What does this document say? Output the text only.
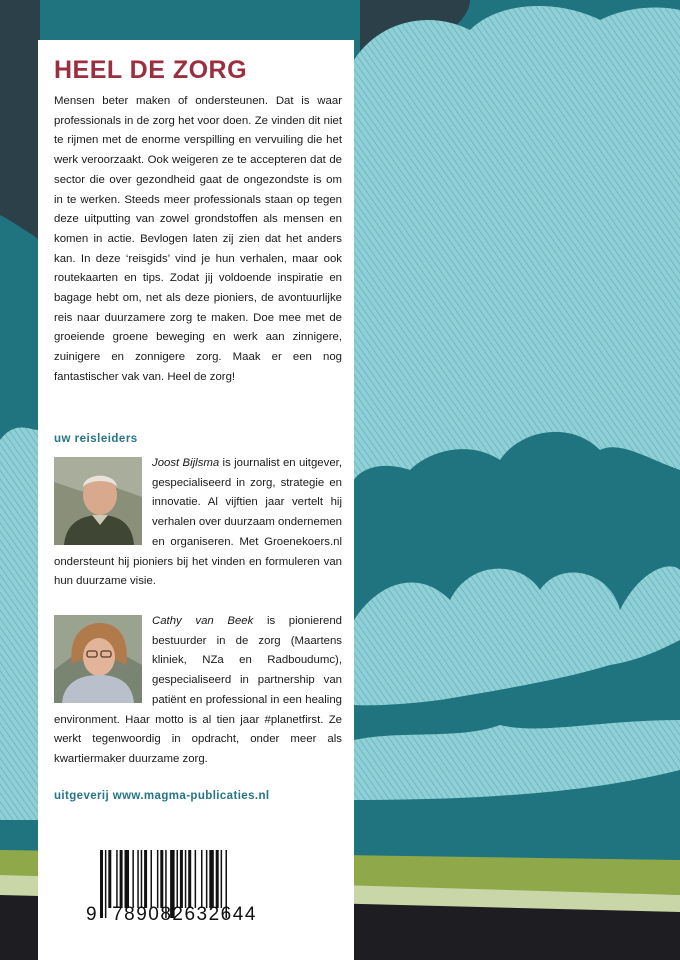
HEEL DE ZORG

Mensen beter maken of ondersteunen. Dat is waar professionals in de zorg het voor doen. Ze vinden dit niet te rijmen met de enorme verspilling en vervuiling die het werk veroorzaakt. Ook weigeren ze te accepteren dat de sector die over gezondheid gaat de ongezondste is om in te werken. Steeds meer professionals staan op tegen deze uitputting van zowel grondstoffen als mensen en komen in actie. Bevlogen laten zij zien dat het anders kan. In deze ‘reisgids’ vind je hun verhalen, maar ook routekaarten en tips. Zodat jij voldoende inspiratie en bagage hebt om, net als deze pioniers, de avontuurlijke reis naar duurzamere zorg te maken. Doe mee met de groeiende groene beweging en werk aan zinnigere, zuinigere en zonnigere zorg. Maak er een nog fantastischer vak van. Heel de zorg!

uw reisleiders
Joost Bijlsma is journalist en uitgever, gespecialiseerd in zorg, strategie en innovatie. Al vijftien jaar vertelt hij verhalen over duurzaam ondernemen en organiseren. Met Groenekoers.nl ondersteunt hij pioniers bij het vinden en formuleren van hun duurzame visie.
Cathy van Beek is pionierend bestuurder in de zorg (Maartens kliniek, NZa en Radboudumc), gespecialiseerd in partnership van patiënt en professional in een healing environment. Haar motto is al tien jaar #planetfirst. Ze werkt tegenwoordig in opdracht, onder meer als kwartiermaker duurzame zorg.

uitgeverij www.magma-publicaties.nl

9 789082632644
